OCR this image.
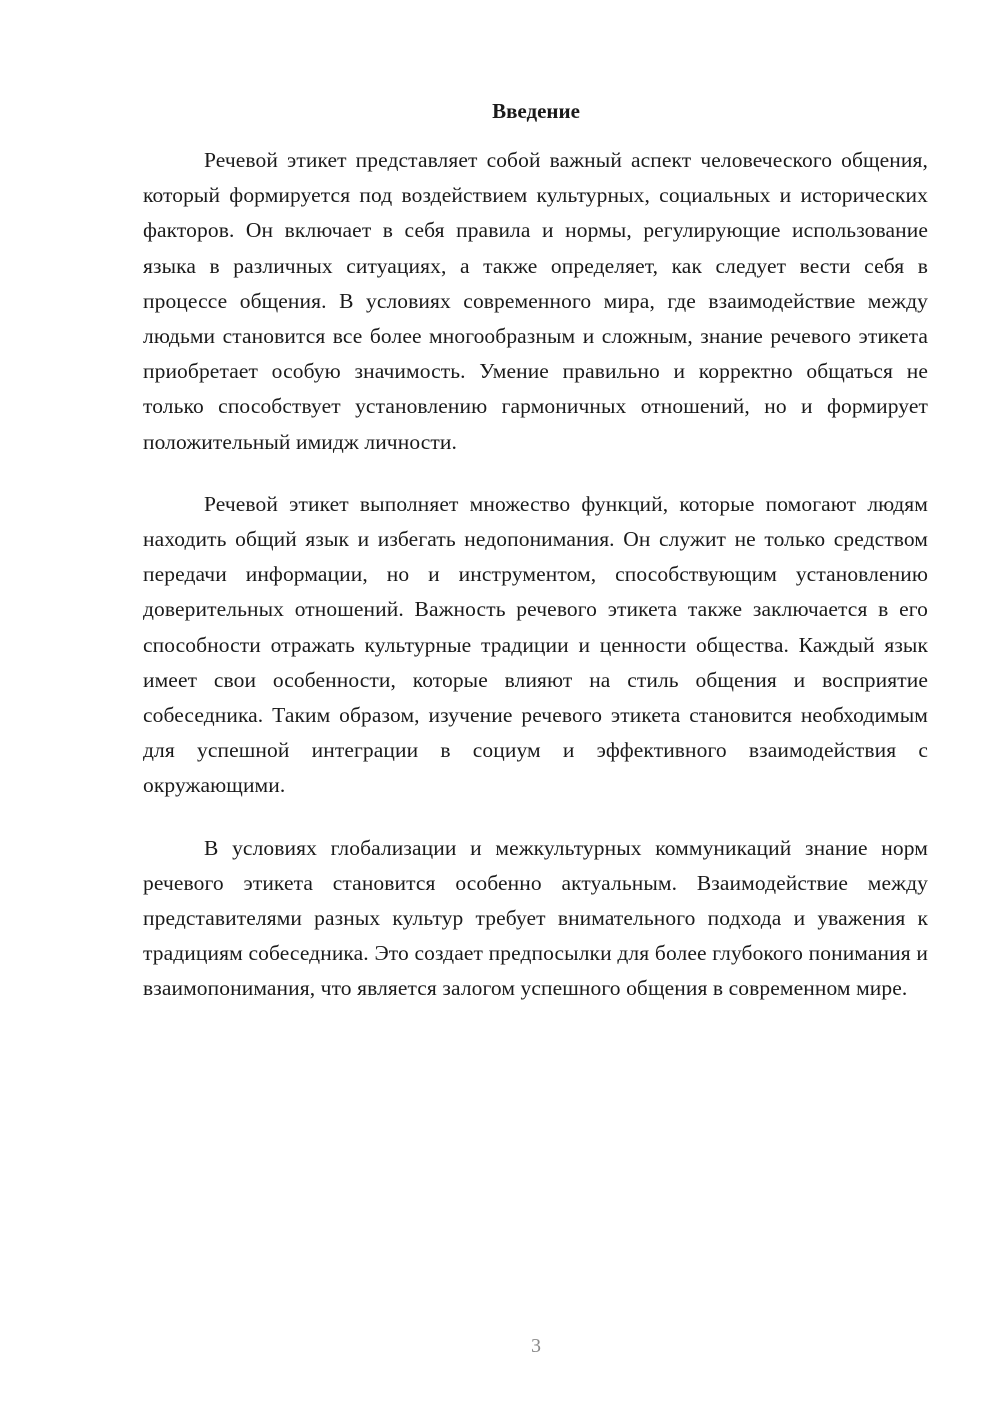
Введение

Речевой этикет представляет собой важный аспект человеческого общения, который формируется под воздействием культурных, социальных и исторических факторов. Он включает в себя правила и нормы, регулирующие использование языка в различных ситуациях, а также определяет, как следует вести себя в процессе общения. В условиях современного мира, где взаимодействие между людьми становится все более многообразным и сложным, знание речевого этикета приобретает особую значимость. Умение правильно и корректно общаться не только способствует установлению гармоничных отношений, но и формирует положительный имидж личности.

Речевой этикет выполняет множество функций, которые помогают людям находить общий язык и избегать недопонимания. Он служит не только средством передачи информации, но и инструментом, способствующим установлению доверительных отношений. Важность речевого этикета также заключается в его способности отражать культурные традиции и ценности общества. Каждый язык имеет свои особенности, которые влияют на стиль общения и восприятие собеседника. Таким образом, изучение речевого этикета становится необходимым для успешной интеграции в социум и эффективного взаимодействия с окружающими.

В условиях глобализации и межкультурных коммуникаций знание норм речевого этикета становится особенно актуальным. Взаимодействие между представителями разных культур требует внимательного подхода и уважения к традициям собеседника. Это создает предпосылки для более глубокого понимания и взаимопонимания, что является залогом успешного общения в современном мире.

3
